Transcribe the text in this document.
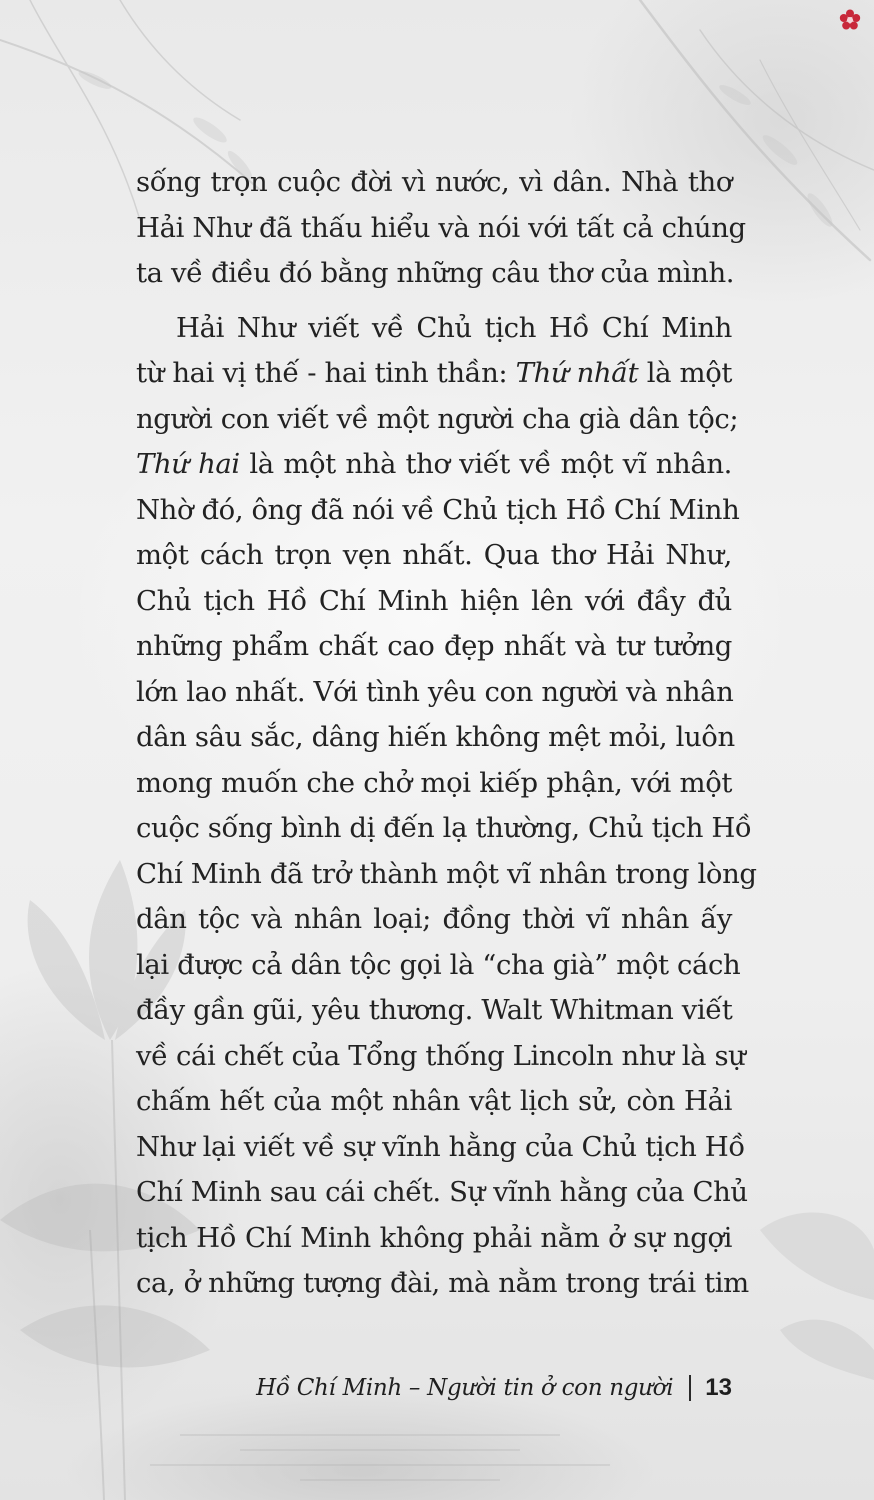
sống trọn cuộc đời vì nước, vì dân. Nhà thơ
Hải Như đã thấu hiểu và nói với tất cả chúng
ta về điều đó bằng những câu thơ của mình.
Hải Như viết về Chủ tịch Hồ Chí Minh
từ hai vị thế - hai tinh thần: Thứ nhất là một
người con viết về một người cha già dân tộc;
Thứ hai là một nhà thơ viết về một vĩ nhân.
Nhờ đó, ông đã nói về Chủ tịch Hồ Chí Minh
một cách trọn vẹn nhất. Qua thơ Hải Như,
Chủ tịch Hồ Chí Minh hiện lên với đầy đủ
những phẩm chất cao đẹp nhất và tư tưởng
lớn lao nhất. Với tình yêu con người và nhân
dân sâu sắc, dâng hiến không mệt mỏi, luôn
mong muốn che chở mọi kiếp phận, với một
cuộc sống bình dị đến lạ thường, Chủ tịch Hồ
Chí Minh đã trở thành một vĩ nhân trong lòng
dân tộc và nhân loại; đồng thời vĩ nhân ấy
lại được cả dân tộc gọi là “cha già” một cách
đầy gần gũi, yêu thương. Walt Whitman viết
về cái chết của Tổng thống Lincoln như là sự
chấm hết của một nhân vật lịch sử, còn Hải
Như lại viết về sự vĩnh hằng của Chủ tịch Hồ
Chí Minh sau cái chết. Sự vĩnh hằng của Chủ
tịch Hồ Chí Minh không phải nằm ở sự ngợi
ca, ở những tượng đài, mà nằm trong trái tim
Hồ Chí Minh – Người tin ở con người 13
